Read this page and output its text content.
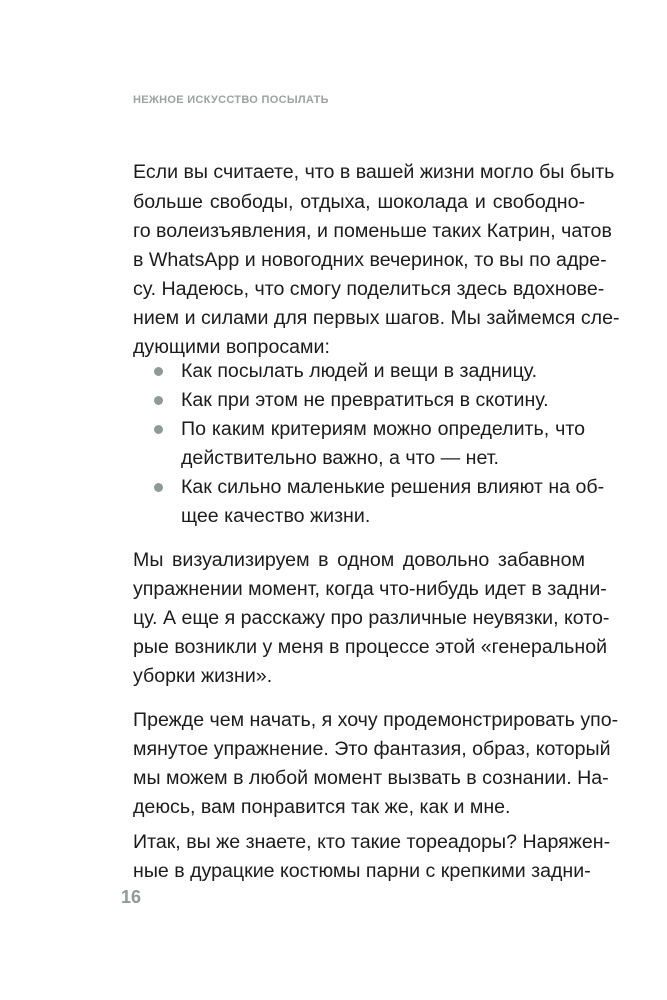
НЕЖНОЕ ИСКУССТВО ПОСЫЛАТЬ
Если вы считаете, что в вашей жизни могло бы быть
больше свободы, отдыха, шоколада и свободно-
го волеизъявления, и поменьше таких Катрин, чатов
в WhatsApp и новогодних вечеринок, то вы по адре-
су. Надеюсь, что смогу поделиться здесь вдохнове-
нием и силами для первых шагов. Мы займемся сле-
дующими вопросами:
Как посылать людей и вещи в задницу.
Как при этом не превратиться в скотину.
По каким критериям можно определить, что
действительно важно, а что — нет.
Как сильно маленькие решения влияют на об-
щее качество жизни.
Мы визуализируем в одном довольно забавном
упражнении момент, когда что-нибудь идет в задни-
цу. А еще я расскажу про различные неувязки, кото-
рые возникли у меня в процессе этой «генеральной
уборки жизни».
Прежде чем начать, я хочу продемонстрировать упо-
мянутое упражнение. Это фантазия, образ, который
мы можем в любой момент вызвать в сознании. На-
деюсь, вам понравится так же, как и мне.
Итак, вы же знаете, кто такие тореадоры? Наряжен-
ные в дурацкие костюмы парни с крепкими задни-
16
